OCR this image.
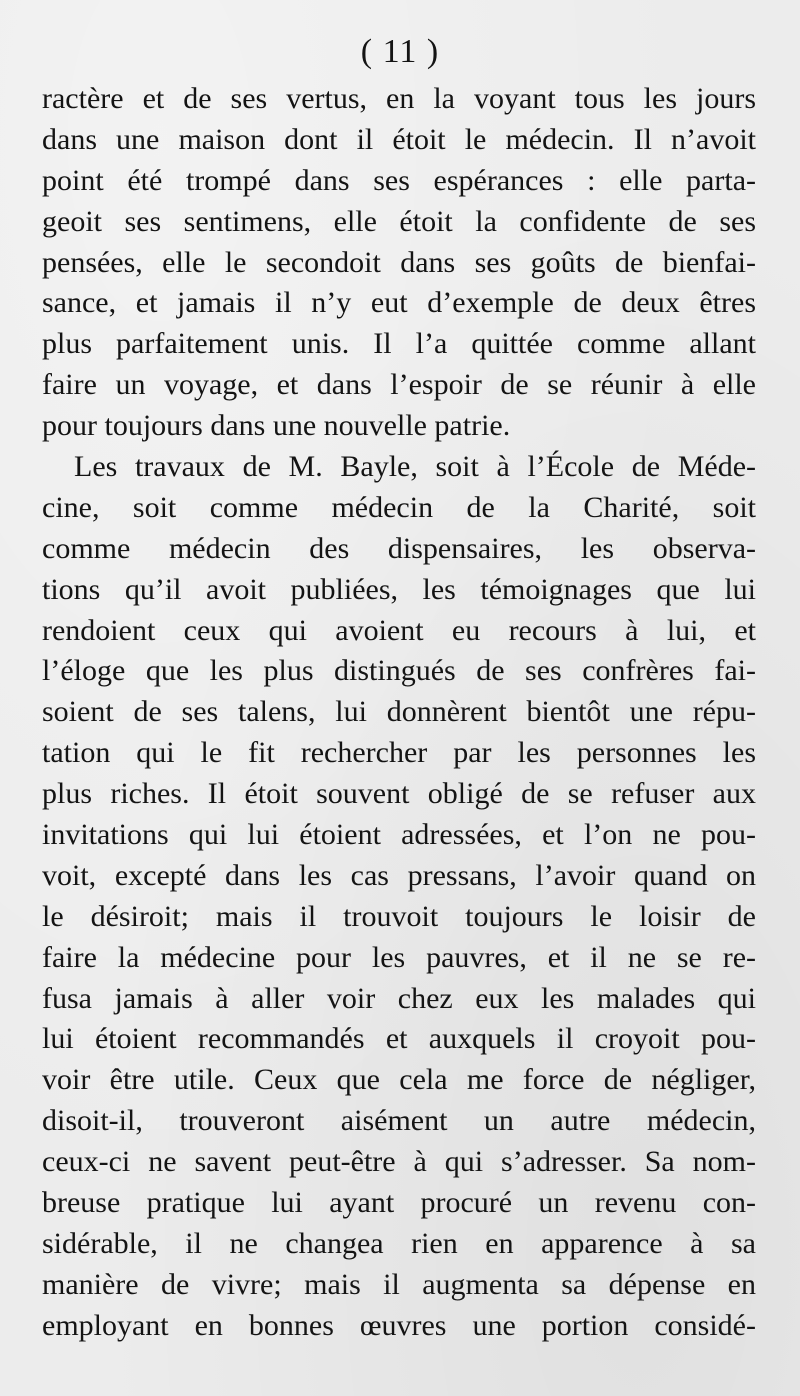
( 11 )
ractère et de ses vertus, en la voyant tous les jours
dans une maison dont il étoit le médecin. Il n’avoit
point été trompé dans ses espérances : elle parta-
geoit ses sentimens, elle étoit la confidente de ses
pensées, elle le secondoit dans ses goûts de bienfai-
sance, et jamais il n’y eut d’exemple de deux êtres
plus parfaitement unis. Il l’a quittée comme allant
faire un voyage, et dans l’espoir de se réunir à elle
pour toujours dans une nouvelle patrie.
Les travaux de M. Bayle, soit à l’École de Méde-
cine, soit comme médecin de la Charité, soit
comme médecin des dispensaires, les observa-
tions qu’il avoit publiées, les témoignages que lui
rendoient ceux qui avoient eu recours à lui, et
l’éloge que les plus distingués de ses confrères fai-
soient de ses talens, lui donnèrent bientôt une répu-
tation qui le fit rechercher par les personnes les
plus riches. Il étoit souvent obligé de se refuser aux
invitations qui lui étoient adressées, et l’on ne pou-
voit, excepté dans les cas pressans, l’avoir quand on
le désiroit; mais il trouvoit toujours le loisir de
faire la médecine pour les pauvres, et il ne se re-
fusa jamais à aller voir chez eux les malades qui
lui étoient recommandés et auxquels il croyoit pou-
voir être utile. Ceux que cela me force de négliger,
disoit-il, trouveront aisément un autre médecin,
ceux-ci ne savent peut-être à qui s’adresser. Sa nom-
breuse pratique lui ayant procuré un revenu con-
sidérable, il ne changea rien en apparence à sa
manière de vivre; mais il augmenta sa dépense en
employant en bonnes œuvres une portion considé-
